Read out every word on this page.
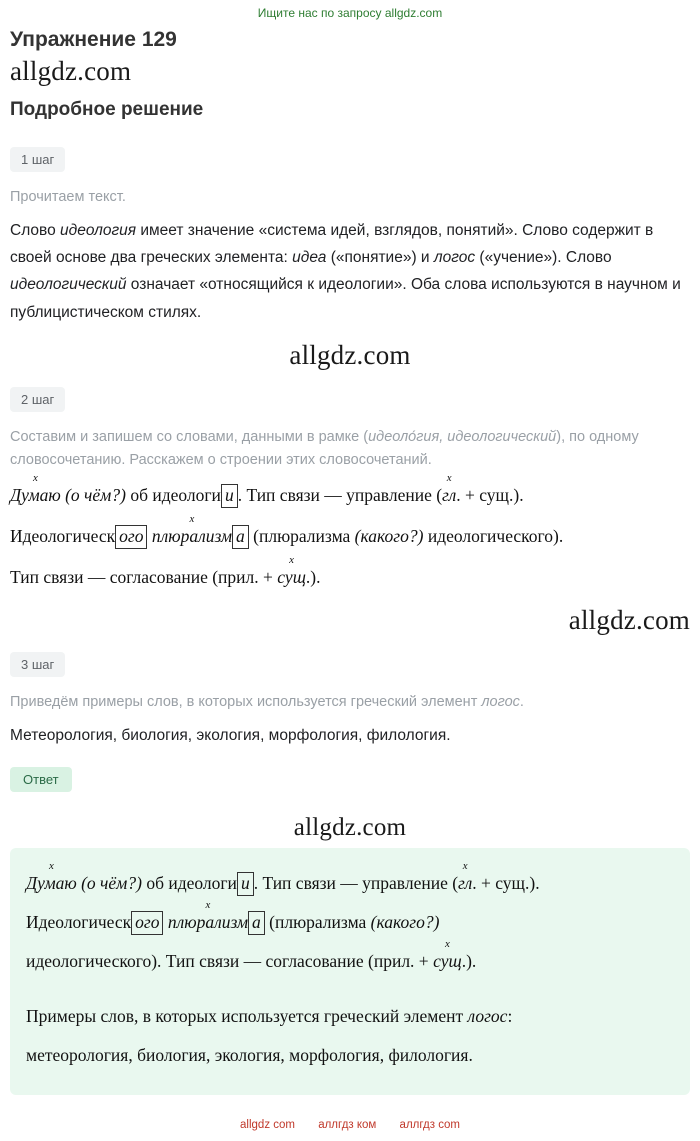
Ищите нас по запросу allgdz.com
Упражнение 129
allgdz.com
Подробное решение
1 шаг
Прочитаем текст.
Слово идеология имеет значение «система идей, взглядов, понятий». Слово содержит в своей основе два греческих элемента: идеа («понятие») и логос («учение»). Слово идеологический означает «относящийся к идеологии». Оба слова используются в научном и публицистическом стилях.
allgdz.com
2 шаг
Составим и запишем со словами, данными в рамке (идеоло́гия, идеологический), по одному словосочетанию. Расскажем о строении этих словосочетаний.
Думаю x (о чём?) об идеологи и . Тип связи — управление (гл x. + сущ.).
Идеологическ ого плюрализм x а (плюрализма (какого?) идеологического).
Тип связи — согласование (прил. + сущ x.).
allgdz.com
3 шаг
Приведём примеры слов, в которых используется греческий элемент логос.
Метеорология, биология, экология, морфология, филология.
Ответ
allgdz.com
Думаю x (о чём?) об идеологи и . Тип связи — управление (гл x. + сущ.).
Идеологическ ого плюрализм x а (плюрализма (какого?)
идеологического). Тип связи — согласование (прил. + сущ x.).
Примеры слов, в которых используется греческий элемент логос:
метеорология, биология, экология, морфология, филология.
allgdz com аллгдз ком аллгдз com
